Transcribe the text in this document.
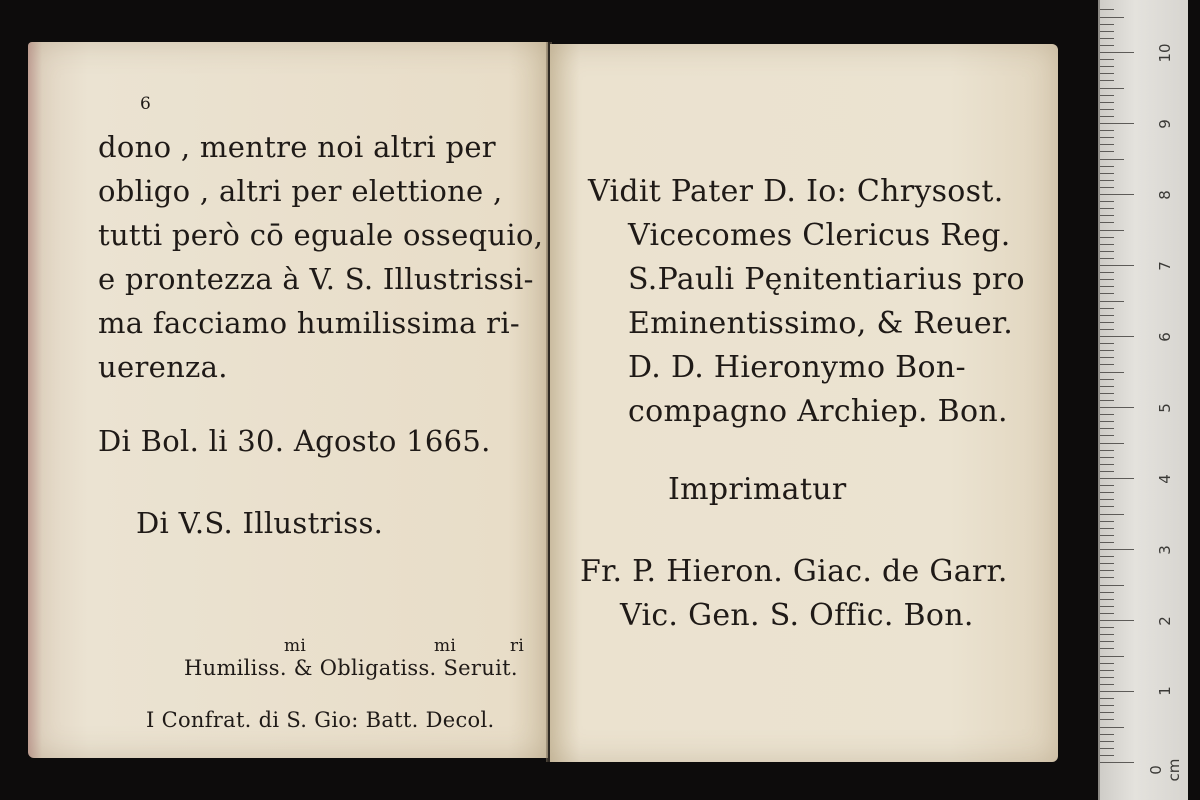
6
dono , mentre noi altri per
obligo , altri per elettione ,
tutti però cō eguale ossequio,
e prontezza à V. S. Illustrissi-
ma facciamo humilissima ri-
uerenza.
Di Bol. li 30. Agosto 1665.
Di V.S. Illustriss.
mi	mi	ri
Humiliss. & Obligatiss. Seruit.
I Confrat. di S. Gio: Batt. Decol.
Vidit Pater D. Io: Chrysost.
Vicecomes Clericus Reg.
S.Pauli Pęnitentiarius pro
Eminentissimo, & Reuer.
D. D. Hieronymo Bon-
compagno Archiep. Bon.
Imprimatur
Fr. P. Hieron. Giac. de Garr.
Vic. Gen. S. Offic. Bon.
0 cm
1
2
3
4
5
6
7
8
9
10
